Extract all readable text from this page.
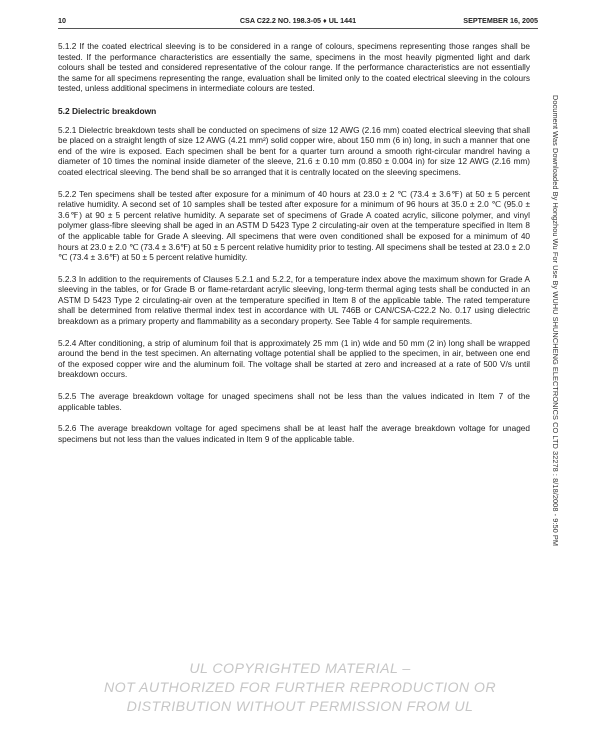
10	CSA C22.2 NO. 198.3-05 ♦ UL 1441	SEPTEMBER 16, 2005

5.1.2 If the coated electrical sleeving is to be considered in a range of colours, specimens representing those ranges shall be tested. If the performance characteristics are essentially the same, specimens in the most heavily pigmented light and dark colours shall be tested and considered representative of the colour range. If the performance characteristics are not essentially the same for all specimens representing the range, evaluation shall be limited only to the coated electrical sleeving in the colours tested, unless additional specimens in intermediate colours are tested.

5.2 Dielectric breakdown

5.2.1 Dielectric breakdown tests shall be conducted on specimens of size 12 AWG (2.16 mm) coated electrical sleeving that shall be placed on a straight length of size 12 AWG (4.21 mm²) solid copper wire, about 150 mm (6 in) long, in such a manner that one end of the wire is exposed. Each specimen shall be bent for a quarter turn around a smooth right-circular mandrel having a diameter of 10 times the nominal inside diameter of the sleeve, 21.6 ± 0.10 mm (0.850 ± 0.004 in) for size 12 AWG (2.16 mm) coated electrical sleeving. The bend shall be so arranged that it is centrally located on the sleeving specimens.

5.2.2 Ten specimens shall be tested after exposure for a minimum of 40 hours at 23.0 ± 2 ℃ (73.4 ± 3.6℉) at 50 ± 5 percent relative humidity. A second set of 10 samples shall be tested after exposure for a minimum of 96 hours at 35.0 ± 2.0 ℃ (95.0 ± 3.6℉) at 90 ± 5 percent relative humidity. A separate set of specimens of Grade A coated acrylic, silicone polymer, and vinyl polymer glass-fibre sleeving shall be aged in an ASTM D 5423 Type 2 circulating-air oven at the temperature specified in Item 8 of the applicable table for Grade A sleeving. All specimens that were oven conditioned shall be exposed for a minimum of 40 hours at 23.0 ± 2.0 ℃ (73.4 ± 3.6℉) at 50 ± 5 percent relative humidity prior to testing. All specimens shall be tested at 23.0 ± 2.0 ℃ (73.4 ± 3.6℉) at 50 ± 5 percent relative humidity.

5.2.3 In addition to the requirements of Clauses 5.2.1 and 5.2.2, for a temperature index above the maximum shown for Grade A sleeving in the tables, or for Grade B or flame-retardant acrylic sleeving, long-term thermal aging tests shall be conducted in an ASTM D 5423 Type 2 circulating-air oven at the temperature specified in Item 8 of the applicable table. The rated temperature shall be determined from relative thermal index test in accordance with UL 746B or CAN/CSA-C22.2 No. 0.17 using dielectric breakdown as a primary property and flammability as a secondary property. See Table 4 for sample requirements.

5.2.4 After conditioning, a strip of aluminum foil that is approximately 25 mm (1 in) wide and 50 mm (2 in) long shall be wrapped around the bend in the test specimen. An alternating voltage potential shall be applied to the specimen, in air, between one end of the exposed copper wire and the aluminum foil. The voltage shall be started at zero and increased at a rate of 500 V/s until breakdown occurs.

5.2.5 The average breakdown voltage for unaged specimens shall not be less than the values indicated in Item 7 of the applicable tables.

5.2.6 The average breakdown voltage for aged specimens shall be at least half the average breakdown voltage for unaged specimens but not less than the values indicated in Item 9 of the applicable table.	Document Was Downloaded By Hongzhou Wu For Use By WUHU SHUNCHENG ELECTRONICS CO LTD 32278 : 8/18/2008 - 9:50 PM
UL COPYRIGHTED MATERIAL –
NOT AUTHORIZED FOR FURTHER REPRODUCTION OR
DISTRIBUTION WITHOUT PERMISSION FROM UL
